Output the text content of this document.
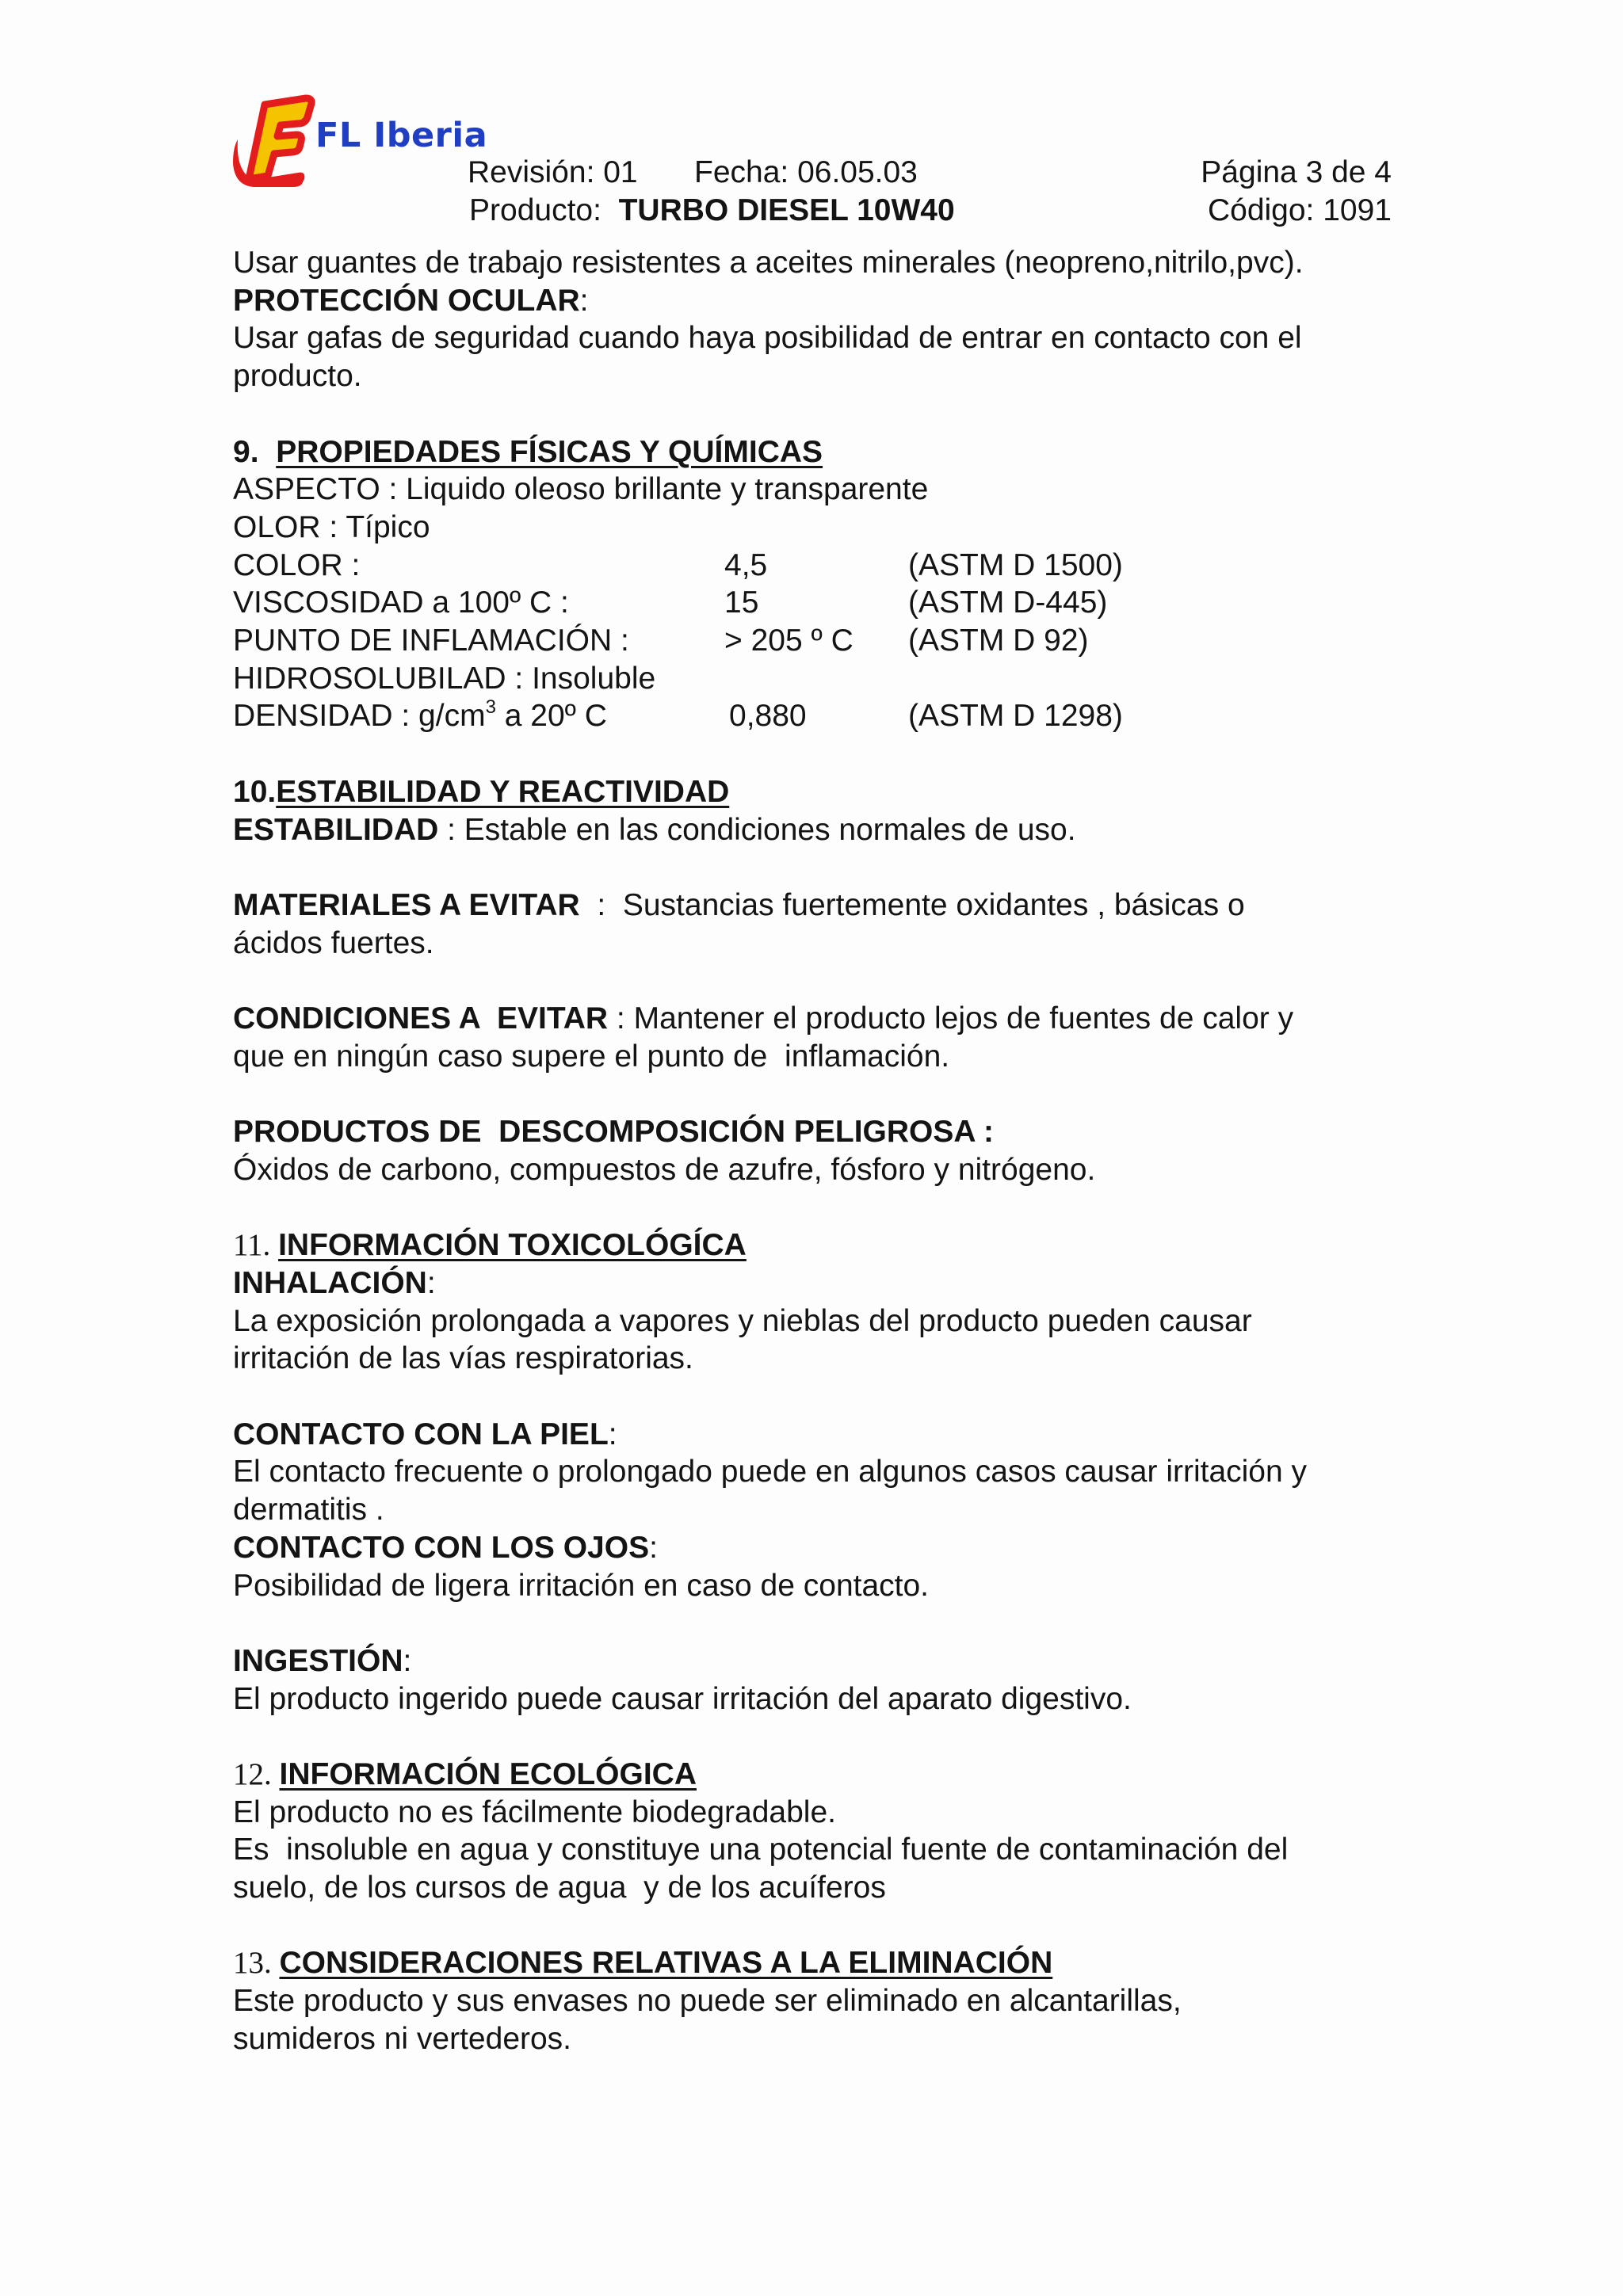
FL Iberia
Revisión: 01 Fecha: 06.05.03	Página 3 de 4
Producto: TURBO DIESEL 10W40	Código: 1091

Usar guantes de trabajo resistentes a aceites minerales (neopreno,nitrilo,pvc).

PROTECCIÓN OCULAR:

Usar gafas de seguridad cuando haya posibilidad de entrar en contacto con el

producto.

9. PROPIEDADES FÍSICAS Y QUÍMICAS

ASPECTO : Liquido oleoso brillante y transparente

OLOR : Típico

COLOR :	4,5	(ASTM D 1500)
VISCOSIDAD a 100º C :	15	(ASTM D-445)
PUNTO DE INFLAMACIÓN :	> 205 º C	(ASTM D 92)

HIDROSOLUBILAD : Insoluble

DENSIDAD : $g/cm^3$ a 20º C	0,880	(ASTM D 1298)

10.ESTABILIDAD Y REACTIVIDAD

ESTABILIDAD : Estable en las condiciones normales de uso.

MATERIALES A EVITAR  :  Sustancias fuertemente oxidantes , básicas o

ácidos fuertes.

CONDICIONES A  EVITAR : Mantener el producto lejos de fuentes de calor y

que en ningún caso supere el punto de  inflamación.

PRODUCTOS DE  DESCOMPOSICIÓN PELIGROSA :

Óxidos de carbono, compuestos de azufre, fósforo y nitrógeno.

11. INFORMACIÓN TOXICOLÓGÍCA

INHALACIÓN:

La exposición prolongada a vapores y nieblas del producto pueden causar

irritación de las vías respiratorias.

CONTACTO CON LA PIEL:

El contacto frecuente o prolongado puede en algunos casos causar irritación y

dermatitis .

CONTACTO CON LOS OJOS:

Posibilidad de ligera irritación en caso de contacto.

INGESTIÓN:

El producto ingerido puede causar irritación del aparato digestivo.

12. INFORMACIÓN ECOLÓGICA

El producto no es fácilmente biodegradable.

Es  insoluble en agua y constituye una potencial fuente de contaminación del

suelo, de los cursos de agua  y de los acuíferos

13. CONSIDERACIONES RELATIVAS A LA ELIMINACIÓN

Este producto y sus envases no puede ser eliminado en alcantarillas,

sumideros ni vertederos.
